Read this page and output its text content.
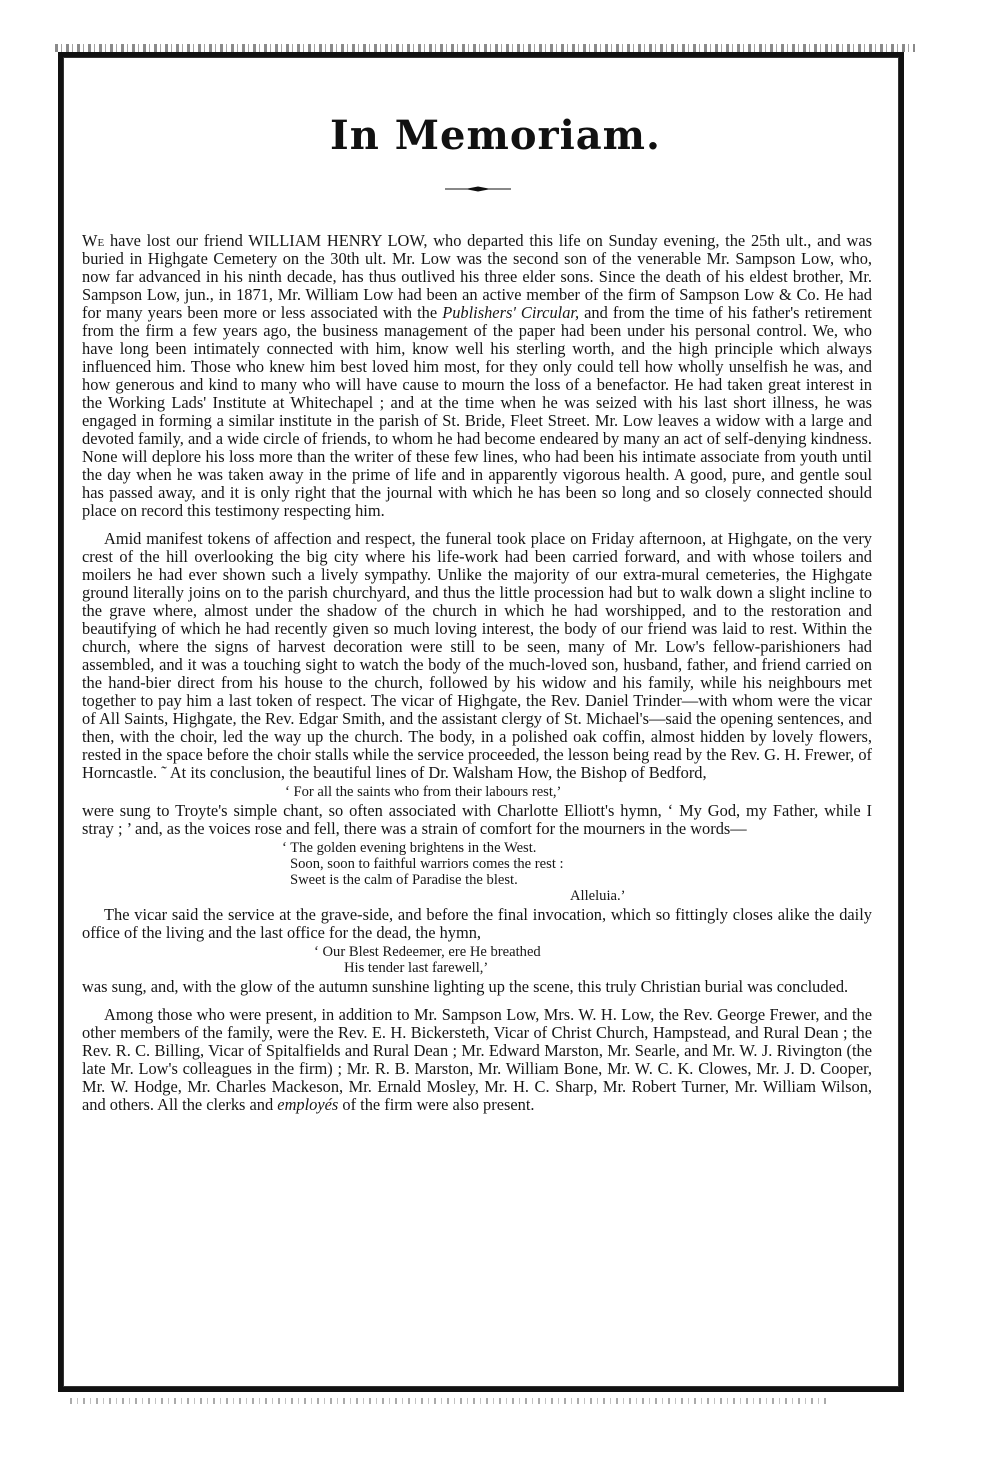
In Memoriam.

We have lost our friend WILLIAM HENRY LOW, who departed this life on Sunday evening, the 25th ult., and was buried in Highgate Cemetery on the 30th ult. Mr. Low was the second son of the venerable Mr. Sampson Low, who, now far advanced in his ninth decade, has thus outlived his three elder sons. Since the death of his eldest brother, Mr. Sampson Low, jun., in 1871, Mr. William Low had been an active member of the firm of Sampson Low & Co. He had for many years been more or less associated with the Publishers' Circular, and from the time of his father's retirement from the firm a few years ago, the business management of the paper had been under his personal control. We, who have long been intimately connected with him, know well his sterling worth, and the high principle which always influenced him. Those who knew him best loved him most, for they only could tell how wholly unselfish he was, and how generous and kind to many who will have cause to mourn the loss of a benefactor. He had taken great interest in the Working Lads' Institute at Whitechapel ; and at the time when he was seized with his last short illness, he was engaged in forming a similar institute in the parish of St. Bride, Fleet Street. Mr. Low leaves a widow with a large and devoted family, and a wide circle of friends, to whom he had become endeared by many an act of self-denying kindness. None will deplore his loss more than the writer of these few lines, who had been his intimate associate from youth until the day when he was taken away in the prime of life and in apparently vigorous health. A good, pure, and gentle soul has passed away, and it is only right that the journal with which he has been so long and so closely connected should place on record this testimony respecting him.

Amid manifest tokens of affection and respect, the funeral took place on Friday afternoon, at Highgate, on the very crest of the hill overlooking the big city where his life-work had been carried forward, and with whose toilers and moilers he had ever shown such a lively sympathy. Unlike the majority of our extra-mural cemeteries, the Highgate ground literally joins on to the parish churchyard, and thus the little procession had but to walk down a slight incline to the grave where, almost under the shadow of the church in which he had worshipped, and to the restoration and beautifying of which he had recently given so much loving interest, the body of our friend was laid to rest. Within the church, where the signs of harvest decoration were still to be seen, many of Mr. Low's fellow-parishioners had assembled, and it was a touching sight to watch the body of the much-loved son, husband, father, and friend carried on the hand-bier direct from his house to the church, followed by his widow and his family, while his neighbours met together to pay him a last token of respect. The vicar of Highgate, the Rev. Daniel Trinder—with whom were the vicar of All Saints, Highgate, the Rev. Edgar Smith, and the assistant clergy of St. Michael's—said the opening sentences, and then, with the choir, led the way up the church. The body, in a polished oak coffin, almost hidden by lovely flowers, rested in the space before the choir stalls while the service proceeded, the lesson being read by the Rev. G. H. Frewer, of Horncastle. ˜ At its conclusion, the beautiful lines of Dr. Walsham How, the Bishop of Bedford,

‘ For all the saints who from their labours rest,’

were sung to Troyte's simple chant, so often associated with Charlotte Elliott's hymn, ‘ My God, my Father, while I stray ; ’ and, as the voices rose and fell, there was a strain of comfort for the mourners in the words—

‘ The golden evening brightens in the West.
Soon, soon to faithful warriors comes the rest :
Sweet is the calm of Paradise the blest.
Alleluia.’

The vicar said the service at the grave-side, and before the final invocation, which so fittingly closes alike the daily office of the living and the last office for the dead, the hymn,

‘ Our Blest Redeemer, ere He breathed
His tender last farewell,’

was sung, and, with the glow of the autumn sunshine lighting up the scene, this truly Christian burial was concluded.

Among those who were present, in addition to Mr. Sampson Low, Mrs. W. H. Low, the Rev. George Frewer, and the other members of the family, were the Rev. E. H. Bickersteth, Vicar of Christ Church, Hampstead, and Rural Dean ; the Rev. R. C. Billing, Vicar of Spitalfields and Rural Dean ; Mr. Edward Marston, Mr. Searle, and Mr. W. J. Rivington (the late Mr. Low's colleagues in the firm) ; Mr. R. B. Marston, Mr. William Bone, Mr. W. C. K. Clowes, Mr. J. D. Cooper, Mr. W. Hodge, Mr. Charles Mackeson, Mr. Ernald Mosley, Mr. H. C. Sharp, Mr. Robert Turner, Mr. William Wilson, and others. All the clerks and employés of the firm were also present.
